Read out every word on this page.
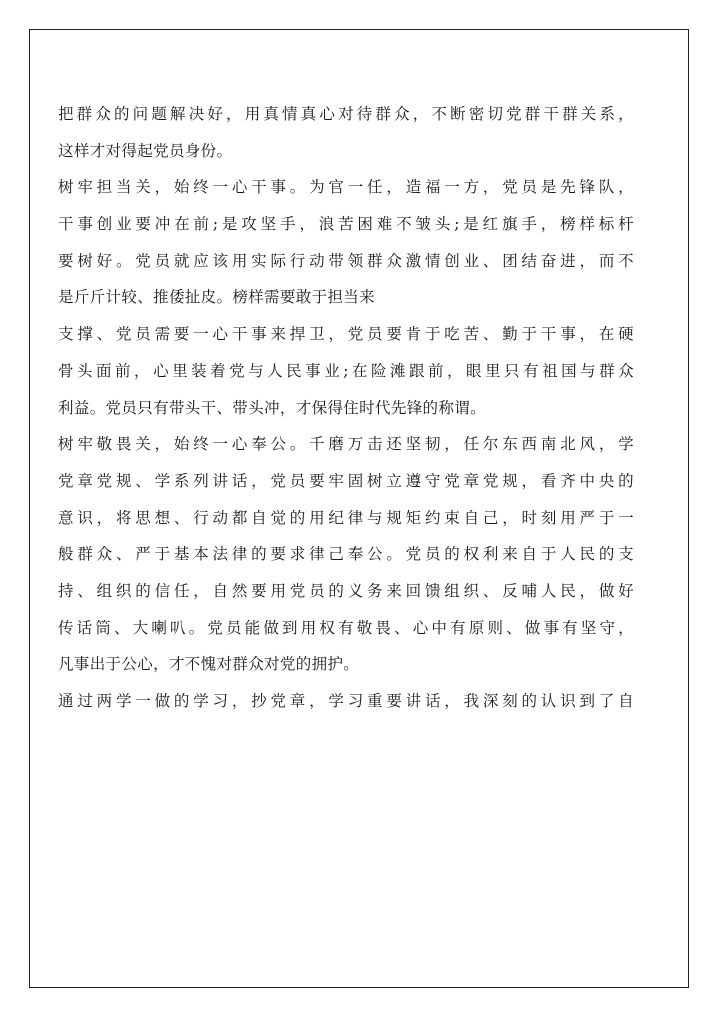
把群众的问题解决好，用真情真心对待群众，不断密切党群干群关系，
这样才对得起党员身份。
树牢担当关，始终一心干事。为官一任，造福一方，党员是先锋队，
干事创业要冲在前;是攻坚手，浪苦困难不皱头;是红旗手，榜样标杆
要树好。党员就应该用实际行动带领群众激情创业、团结奋进，而不
是斤斤计较、推倭扯皮。榜样需要敢于担当来
支撑、党员需要一心干事来捍卫，党员要肯于吃苦、勤于干事，在硬
骨头面前，心里装着党与人民事业;在险滩跟前，眼里只有祖国与群众
利益。党员只有带头干、带头冲，才保得住时代先锋的称谓。
树牢敬畏关，始终一心奉公。千磨万击还坚韧，任尔东西南北风，学
党章党规、学系列讲话，党员要牢固树立遵守党章党规，看齐中央的
意识，将思想、行动都自觉的用纪律与规矩约束自己，时刻用严于一
般群众、严于基本法律的要求律己奉公。党员的权利来自于人民的支
持、组织的信任，自然要用党员的义务来回馈组织、反哺人民，做好
传话筒、大喇叭。党员能做到用权有敬畏、心中有原则、做事有坚守，
凡事出于公心，才不愧对群众对党的拥护。
通过两学一做的学习，抄党章，学习重要讲话，我深刻的认识到了自
